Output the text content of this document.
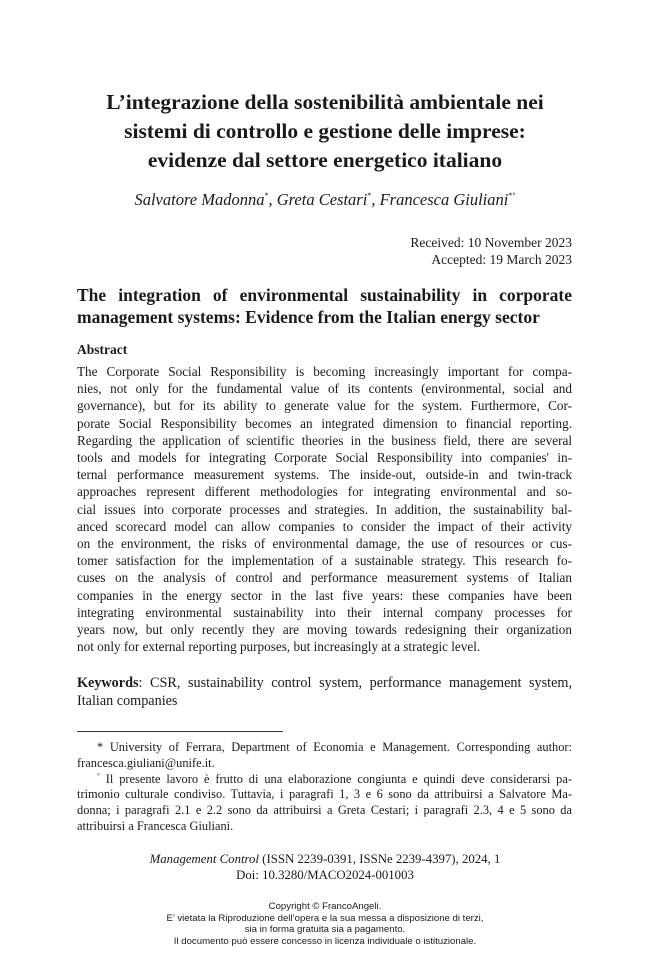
L’integrazione della sostenibilità ambientale nei
sistemi di controllo e gestione delle imprese:
evidenze dal settore energetico italiano
Salvatore Madonna*, Greta Cestari*, Francesca Giuliani*°
Received: 10 November 2023
Accepted: 19 March 2023
The integration of environmental sustainability in corporate
management systems: Evidence from the Italian energy sector
Abstract
The Corporate Social Responsibility is becoming increasingly important for compa-
nies, not only for the fundamental value of its contents (environmental, social and
governance), but for its ability to generate value for the system. Furthermore, Cor-
porate Social Responsibility becomes an integrated dimension to financial reporting.
Regarding the application of scientific theories in the business field, there are several
tools and models for integrating Corporate Social Responsibility into companies' in-
ternal performance measurement systems. The inside-out, outside-in and twin-track
approaches represent different methodologies for integrating environmental and so-
cial issues into corporate processes and strategies. In addition, the sustainability bal-
anced scorecard model can allow companies to consider the impact of their activity
on the environment, the risks of environmental damage, the use of resources or cus-
tomer satisfaction for the implementation of a sustainable strategy. This research fo-
cuses on the analysis of control and performance measurement systems of Italian
companies in the energy sector in the last five years: these companies have been
integrating environmental sustainability into their internal company processes for
years now, but only recently they are moving towards redesigning their organization
not only for external reporting purposes, but increasingly at a strategic level.
Keywords: CSR, sustainability control system, performance management system,
Italian companies
* University of Ferrara, Department of Economia e Management. Corresponding author:
francesca.giuliani@unife.it.
° Il presente lavoro è frutto di una elaborazione congiunta e quindi deve considerarsi pa-
trimonio culturale condiviso. Tuttavia, i paragrafi 1, 3 e 6 sono da attribuirsi a Salvatore Ma-
donna; i paragrafi 2.1 e 2.2 sono da attribuirsi a Greta Cestari; i paragrafi 2.3, 4 e 5 sono da
attribuirsi a Francesca Giuliani.
Management Control (ISSN 2239-0391, ISSNe 2239-4397), 2024, 1
Doi: 10.3280/MACO2024-001003
Copyright © FrancoAngeli.
E’ vietata la Riproduzione dell’opera e la sua messa a disposizione di terzi,
sia in forma gratuita sia a pagamento.
Il documento può essere concesso in licenza individuale o istituzionale.
